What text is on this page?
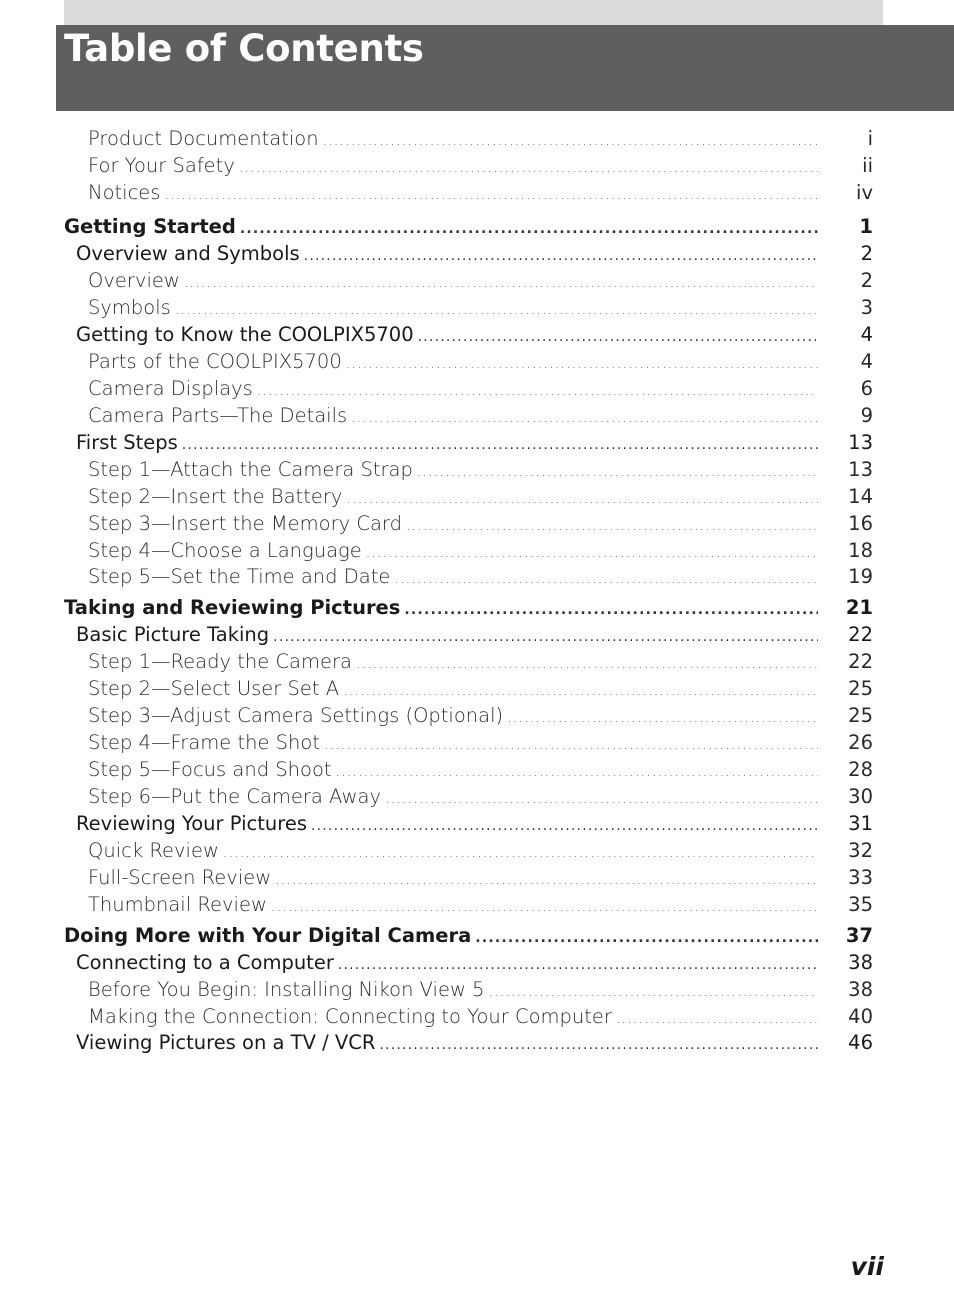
Table of Contents
Product Documentation .....	i
For Your Safety .....	ii
Notices .....	iv
Getting Started .....	1
Overview and Symbols .....	2
Overview .....	2
Symbols .....	3
Getting to Know the COOLPIX5700 .....	4
Parts of the COOLPIX5700 .....	4
Camera Displays .....	6
Camera Parts—The Details .....	9
First Steps .....	13
Step 1—Attach the Camera Strap .....	13
Step 2—Insert the Battery .....	14
Step 3—Insert the Memory Card .....	16
Step 4—Choose a Language .....	18
Step 5—Set the Time and Date .....	19
Taking and Reviewing Pictures .....	21
Basic Picture Taking .....	22
Step 1—Ready the Camera .....	22
Step 2—Select User Set A .....	25
Step 3—Adjust Camera Settings (Optional) .....	25
Step 4—Frame the Shot .....	26
Step 5—Focus and Shoot .....	28
Step 6—Put the Camera Away .....	30
Reviewing Your Pictures .....	31
Quick Review .....	32
Full-Screen Review .....	33
Thumbnail Review .....	35
Doing More with Your Digital Camera .....	37
Connecting to a Computer .....	38
Before You Begin: Installing Nikon View 5 .....	38
Making the Connection: Connecting to Your Computer .....	40
Viewing Pictures on a TV / VCR .....	46
vii
